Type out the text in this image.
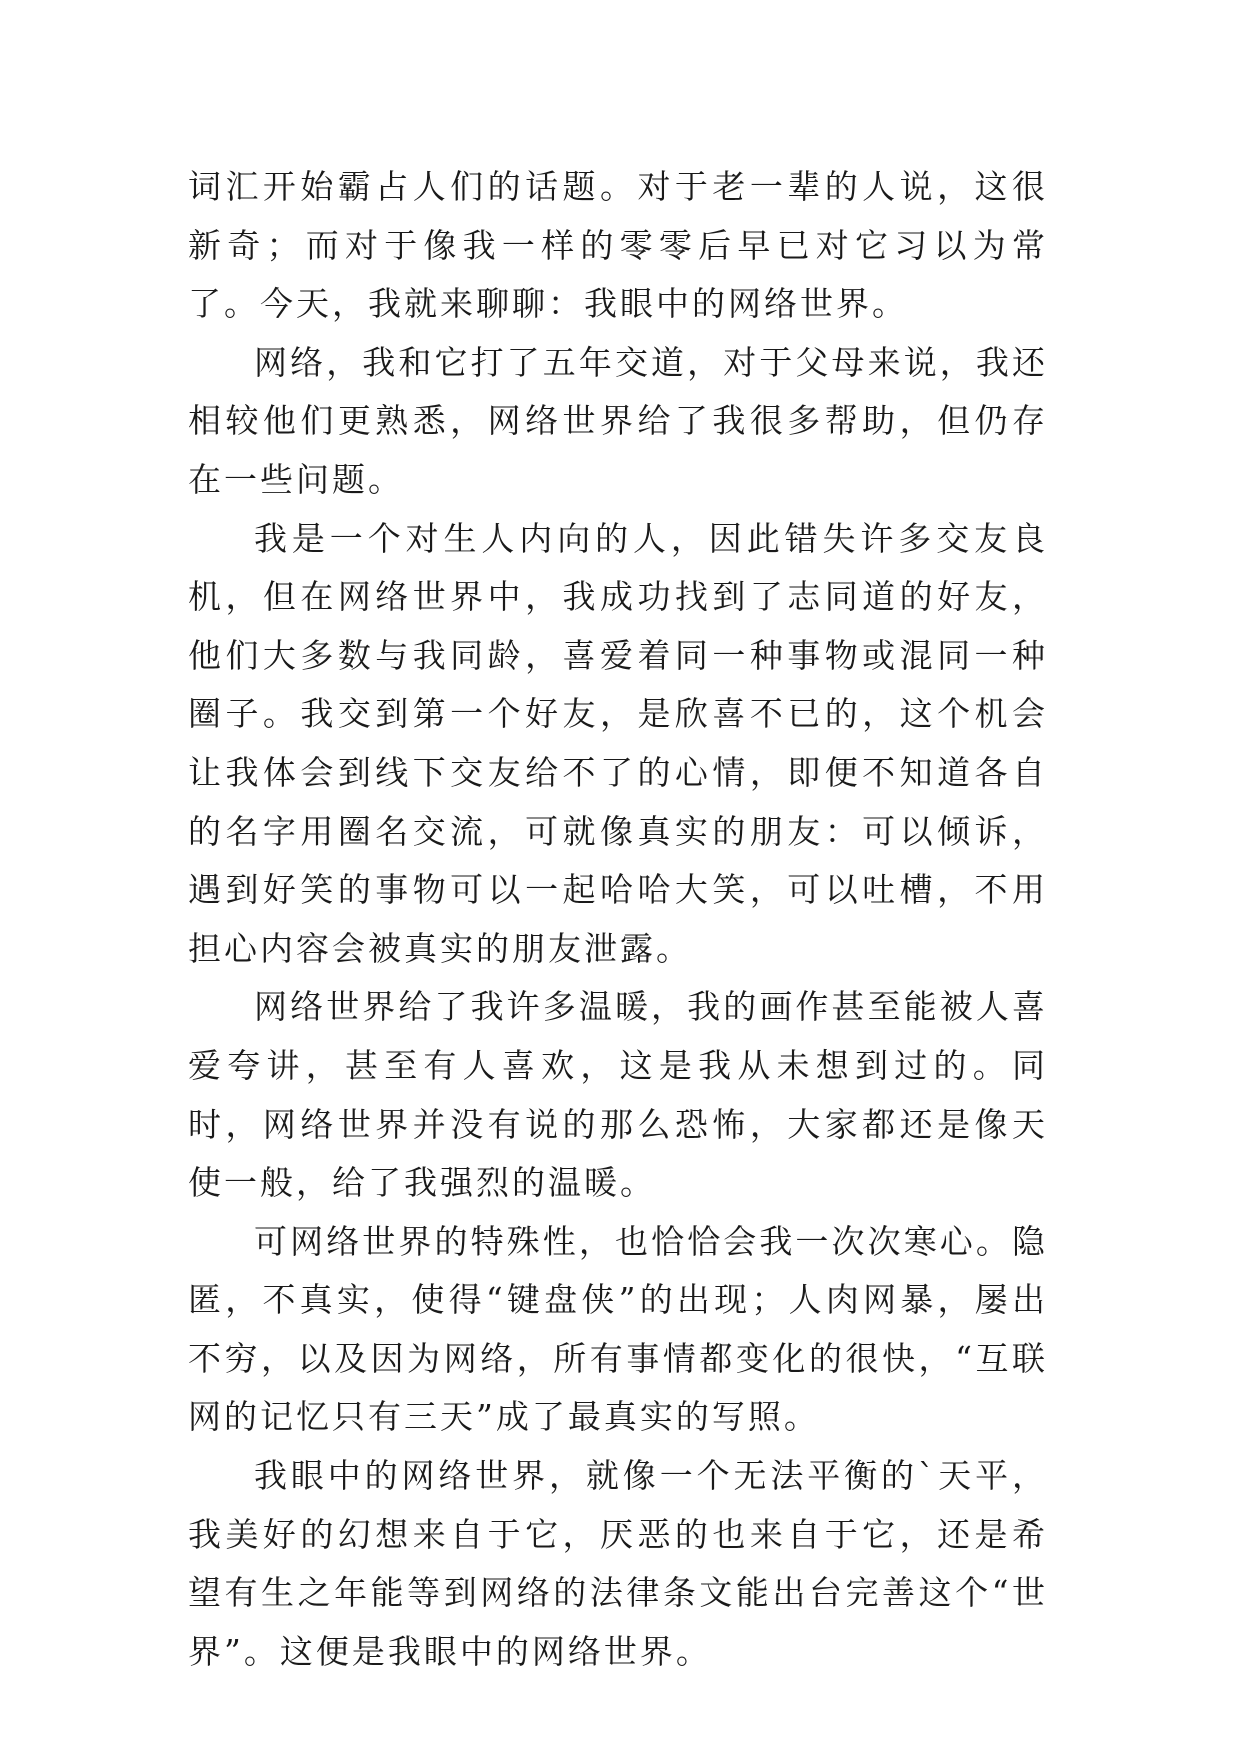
词汇开始霸占人们的话题。对于老一辈的人说，这很新奇；而对于像我一样的零零后早已对它习以为常了。今天，我就来聊聊：我眼中的网络世界。

网络，我和它打了五年交道，对于父母来说，我还相较他们更熟悉，网络世界给了我很多帮助，但仍存在一些问题。

我是一个对生人内向的人，因此错失许多交友良机，但在网络世界中，我成功找到了志同道的好友，他们大多数与我同龄，喜爱着同一种事物或混同一种圈子。我交到第一个好友，是欣喜不已的，这个机会让我体会到线下交友给不了的心情，即便不知道各自的名字用圈名交流，可就像真实的朋友：可以倾诉，遇到好笑的事物可以一起哈哈大笑，可以吐槽，不用担心内容会被真实的朋友泄露。

网络世界给了我许多温暖，我的画作甚至能被人喜爱夸讲，甚至有人喜欢，这是我从未想到过的。同时，网络世界并没有说的那么恐怖，大家都还是像天使一般，给了我强烈的温暖。

可网络世界的特殊性，也恰恰会我一次次寒心。隐匿，不真实，使得“键盘侠”的出现；人肉网暴，屡出不穷，以及因为网络，所有事情都变化的很快，“互联网的记忆只有三天”成了最真实的写照。

我眼中的网络世界，就像一个无法平衡的`天平，我美好的幻想来自于它，厌恶的也来自于它，还是希望有生之年能等到网络的法律条文能出台完善这个“世界”。这便是我眼中的网络世界。
